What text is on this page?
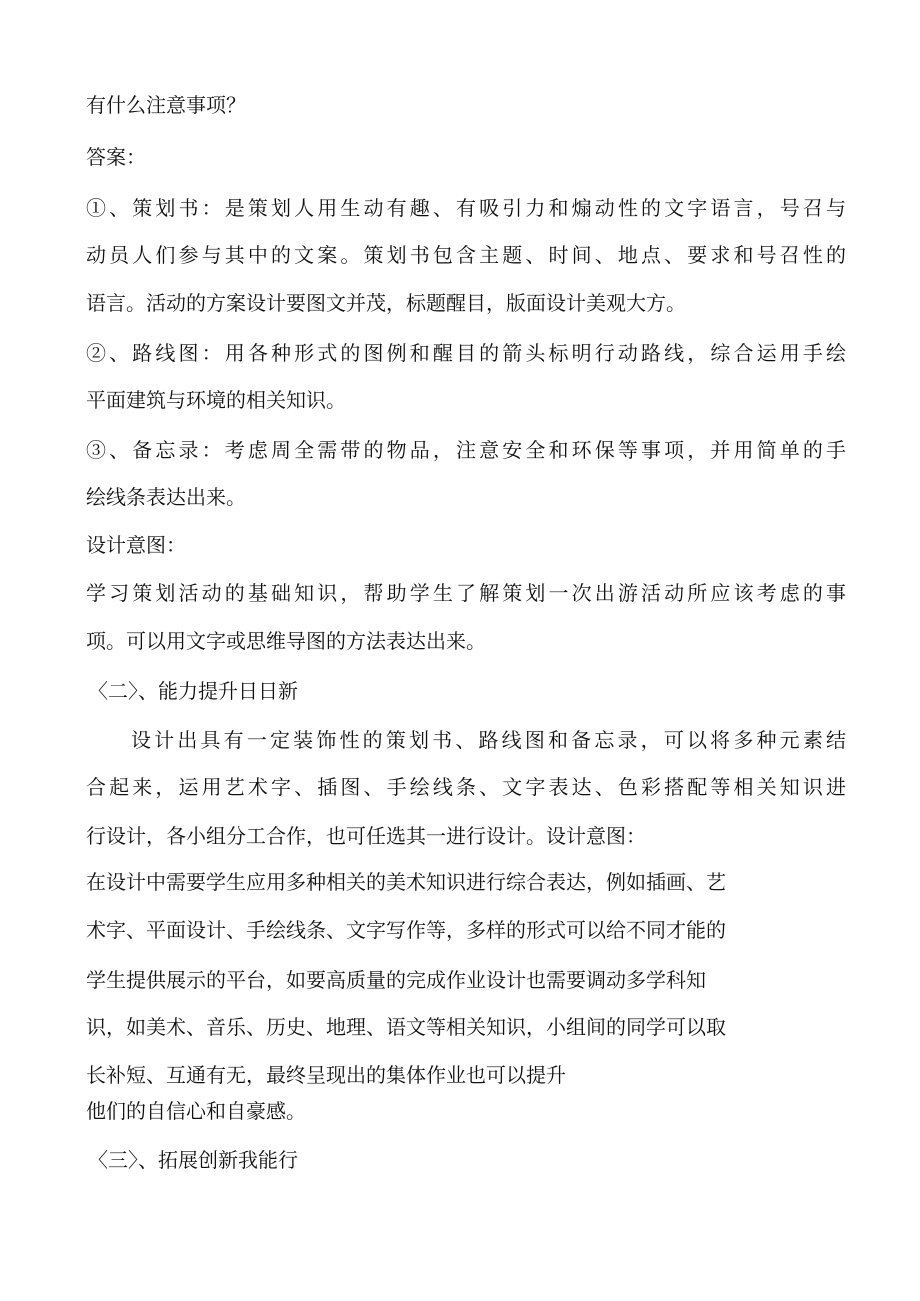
有什么注意事项？
答案：
①、策划书：是策划人用生动有趣、有吸引力和煽动性的文字语言，号召与
动员人们参与其中的文案。策划书包含主题、时间、地点、要求和号召性的
语言。活动的方案设计要图文并茂，标题醒目，版面设计美观大方。
②、路线图：用各种形式的图例和醒目的箭头标明行动路线，综合运用手绘
平面建筑与环境的相关知识。
③、备忘录：考虑周全需带的物品，注意安全和环保等事项，并用简单的手
绘线条表达出来。
设计意图：
学习策划活动的基础知识，帮助学生了解策划一次出游活动所应该考虑的事
项。可以用文字或思维导图的方法表达出来。
〈二〉、能力提升日日新
设计出具有一定装饰性的策划书、路线图和备忘录，可以将多种元素结
合起来，运用艺术字、插图、手绘线条、文字表达、色彩搭配等相关知识进
行设计，各小组分工合作，也可任选其一进行设计。设计意图：
在设计中需要学生应用多种相关的美术知识进行综合表达，例如插画、艺
术字、平面设计、手绘线条、文字写作等，多样的形式可以给不同才能的
学生提供展示的平台，如要高质量的完成作业设计也需要调动多学科知
识，如美术、音乐、历史、地理、语文等相关知识，小组间的同学可以取
长补短、互通有无，最终呈现出的集体作业也可以提升
他们的自信心和自豪感。
〈三〉、拓展创新我能行
